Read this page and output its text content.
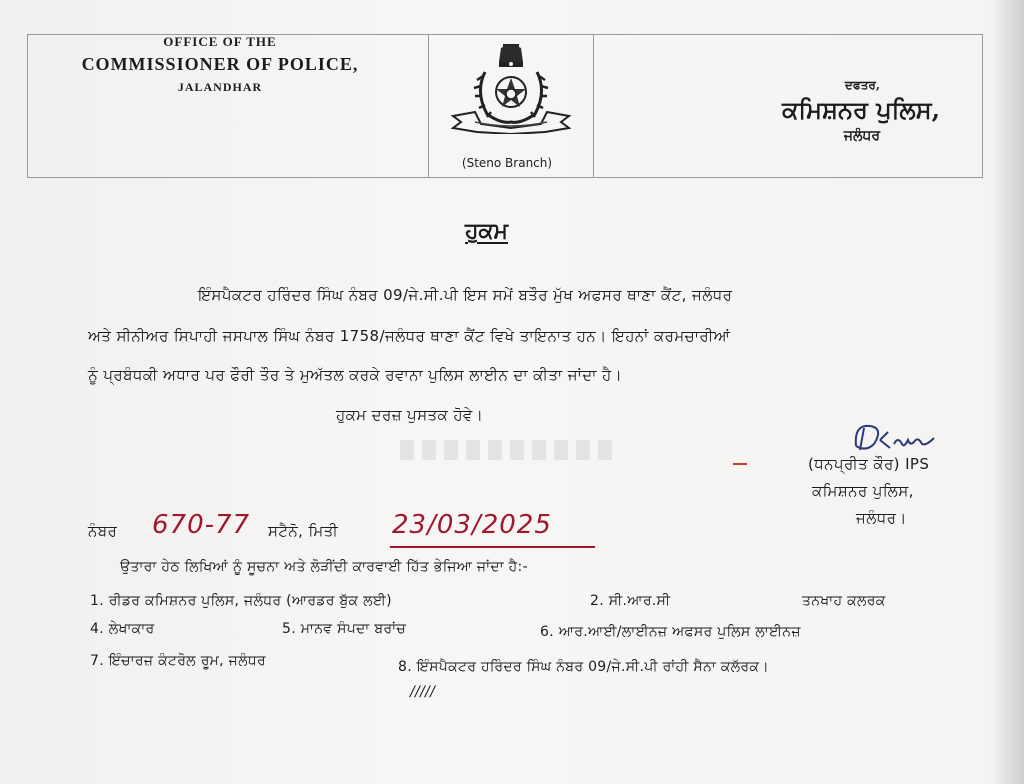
OFFICE OF THE
COMMISSIONER OF POLICE,
JALANDHAR
(Steno Branch)
ਦਫਤਰ,
ਕਮਿਸ਼ਨਰ ਪੁਲਿਸ,
ਜਲੰਧਰ
ਹੁਕਮ
ਇੰਸਪੈਕਟਰ ਹਰਿੰਦਰ ਸਿੰਘ ਨੰਬਰ 09/ਜੇ.ਸੀ.ਪੀ ਇਸ ਸਮੇਂ ਬਤੌਰ ਮੁੱਖ ਅਫਸਰ ਥਾਣਾ ਕੈਂਟ, ਜਲੰਧਰ
ਅਤੇ ਸੀਨੀਅਰ ਸਿਪਾਹੀ ਜਸਪਾਲ ਸਿੰਘ ਨੰਬਰ 1758/ਜਲੰਧਰ ਥਾਣਾ ਕੈਂਟ ਵਿਖੇ ਤਾਇਨਾਤ ਹਨ। ਇਹਨਾਂ ਕਰਮਚਾਰੀਆਂ
ਨੂੰ ਪ੍ਰਬੰਧਕੀ ਅਧਾਰ ਪਰ ਫੌਰੀ ਤੌਰ ਤੇ ਮੁਅੱਤਲ ਕਰਕੇ ਰਵਾਨਾ ਪੁਲਿਸ ਲਾਈਨ ਦਾ ਕੀਤਾ ਜਾਂਦਾ ਹੈ।
ਹੁਕਮ ਦਰਜ਼ ਪੁਸਤਕ ਹੋਵੇ।
(ਧਨਪ੍ਰੀਤ ਕੌਰ) IPS
ਕਮਿਸ਼ਨਰ ਪੁਲਿਸ,
ਜਲੰਧਰ।
ਨੰਬਰ 670-77 ਸਟੈਨੋ, ਮਿਤੀ 23/03/2025
ਉਤਾਰਾ ਹੇਠ ਲਿਖਿਆਂ ਨੂੰ ਸੂਚਨਾ ਅਤੇ ਲੋੜੀਂਦੀ ਕਾਰਵਾਈ ਹਿੱਤ ਭੇਜਿਆ ਜਾਂਦਾ ਹੈ:-
1. ਰੀਡਰ ਕਮਿਸ਼ਨਰ ਪੁਲਿਸ, ਜਲੰਧਰ (ਆਰਡਰ ਬੁੱਕ ਲਈ)	2. ਸੀ.ਆਰ.ਸੀ	ਤਨਖਾਹ ਕਲਰਕ
4. ਲੇਖਾਕਾਰ	5. ਮਾਨਵ ਸੰਪਦਾ ਬਰਾਂਚ	6. ਆਰ.ਆਈ/ਲਾਈਨਜ਼ ਅਫਸਰ ਪੁਲਿਸ ਲਾਈਨਜ਼
7. ਇੰਚਾਰਜ਼ ਕੰਟਰੋਲ ਰੂਮ, ਜਲੰਧਰ	8. ਇੰਸਪੈਕਟਰ ਹਰਿੰਦਰ ਸਿੰਘ ਨੰਬਰ 09/ਜੇ.ਸੀ.ਪੀ ਰਾਂਹੀ ਸੈਨਾ ਕਲੱਰਕ।
/////
